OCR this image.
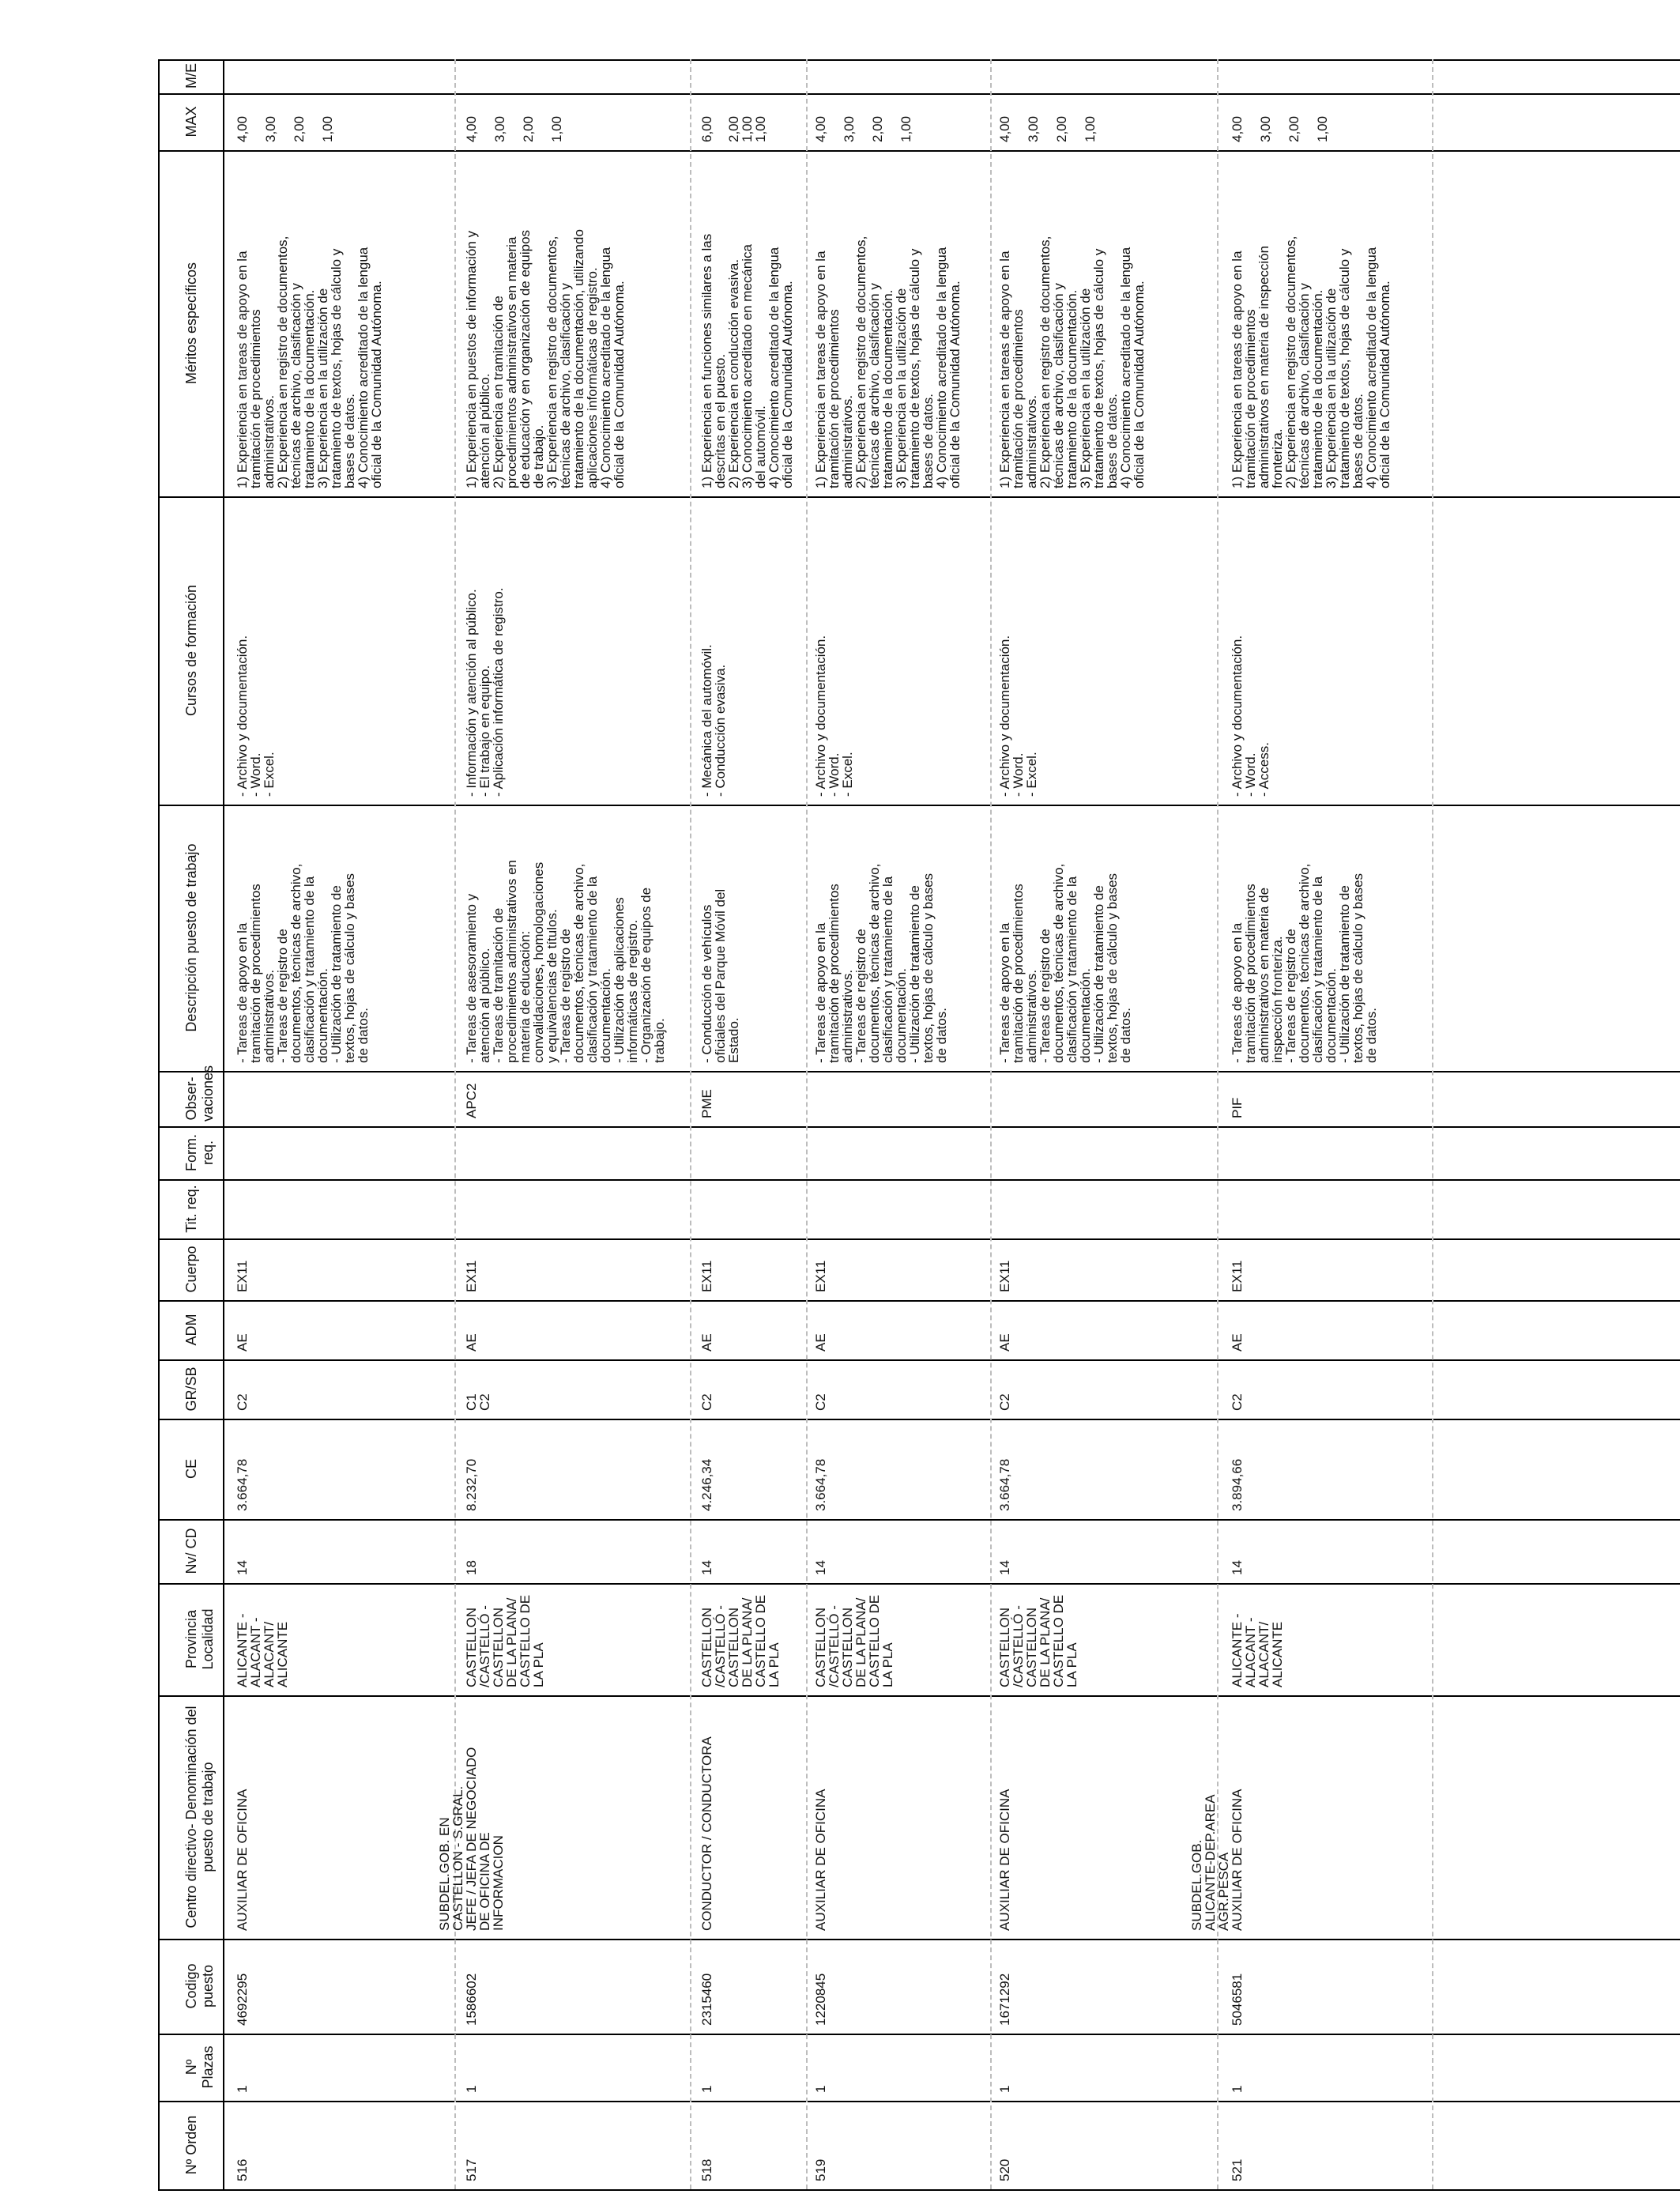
M/E
MAX
Méritos específicos
Cursos de formación
Descripción puesto de trabajo
Obser- vaciones
Form. req.
Tit. req.
Cuerpo
ADM
GR/SB
CE
Nv/ CD
Provincia Localidad
Centro directivo- Denominación del puesto de trabajo
Codigo puesto
Nº Plazas
Nº Orden	516
1
4692295
ALICANTE -
ALACANT -
ALACANT/
ALICANTE
14
3.664,78
C2
AE
EX11
- Tareas de apoyo en la
tramitación de procedimientos
administrativos.
- Tareas de registro de
documentos, técnicas de archivo,
clasificación y tratamiento de la
documentación.
- Utilización de tratamiento de
textos, hojas de cálculo y bases
de datos.
- Archivo y documentación.
- Word.
- Excel.
1) Experiencia en tareas de apoyo en la
tramitación de procedimientos
administrativos.
2) Experiencia en registro de documentos,
técnicas de archivo, clasificación y
tratamiento de la documentación.
3) Experiencia en la utilización de
tratamiento de textos, hojas de cálculo y
bases de datos.
4) Conocimiento acreditado de la lengua
oficial de la Comunidad Autónoma.
AUXILIAR DE OFICINA
4,00 3,00 2,00 1,00
517
1
1586602
CASTELLON
/CASTELLÓ -
CASTELLON
DE LA PLANA/
CASTELLO DE
LA PLA
18
8.232,70
C1
C2
AE
EX11
APC2
- Tareas de asesoramiento y
atención al público.
- Tareas de tramitación de
procedimientos administrativos en
materia de educación:
convalidaciones, homologaciones
y equivalencias de títulos.
- Tareas de registro de
documentos, técnicas de archivo,
clasificación y tratamiento de la
documentación.
- Utilización de aplicaciones
informáticas de registro.
- Organización de equipos de
trabajo.
- Información y atención al público.
- El trabajo en equipo.
- Aplicación informática de registro.
1) Experiencia en puestos de información y
atención al público.
2) Experiencia en tramitación de
procedimientos administrativos en materia
de educación y en organización de equipos
de trabajo.
3) Experiencia en registro de documentos,
técnicas de archivo, clasificación y
tratamiento de la documentación, utilizando
aplicaciones informáticas de registro.
4) Conocimiento acreditado de la lengua
oficial de la Comunidad Autónoma.
SUBDEL.GOB. EN
CASTELLON - S.GRAL.
JEFE / JEFA DE NEGOCIADO
DE OFICINA DE
INFORMACION
4,00 3,00 2,00 1,00
518
1
2315460
CASTELLON
/CASTELLÓ -
CASTELLON
DE LA PLANA/
CASTELLO DE
LA PLA
14
4.246,34
C2
AE
EX11
PME
- Conducción de vehículos
oficiales del Parque Móvil del
Estado.
- Mecánica del automóvil.
- Conducción evasiva.
1) Experiencia en funciones similares a las
descritas en el puesto.
2) Experiencia en conducción evasiva.
3) Conocimiento acreditado en mecánica
del automóvil.
4) Conocimiento acreditado de la lengua
oficial de la Comunidad Autónoma.
CONDUCTOR / CONDUCTORA
6,00 2,00
1,00
1,00
519
1
1220845
CASTELLON
/CASTELLÓ -
CASTELLON
DE LA PLANA/
CASTELLO DE
LA PLA
14
3.664,78
C2
AE
EX11
- Tareas de apoyo en la
tramitación de procedimientos
administrativos.
- Tareas de registro de
documentos, técnicas de archivo,
clasificación y tratamiento de la
documentación.
- Utilización de tratamiento de
textos, hojas de cálculo y bases
de datos.
- Archivo y documentación.
- Word.
- Excel.
1) Experiencia en tareas de apoyo en la
tramitación de procedimientos
administrativos.
2) Experiencia en registro de documentos,
técnicas de archivo, clasificación y
tratamiento de la documentación.
3) Experiencia en la utilización de
tratamiento de textos, hojas de cálculo y
bases de datos.
4) Conocimiento acreditado de la lengua
oficial de la Comunidad Autónoma.
AUXILIAR DE OFICINA
4,00 3,00 2,00 1,00
520
1
1671292
CASTELLON
/CASTELLÓ -
CASTELLON
DE LA PLANA/
CASTELLO DE
LA PLA
14
3.664,78
C2
AE
EX11
- Tareas de apoyo en la
tramitación de procedimientos
administrativos.
- Tareas de registro de
documentos, técnicas de archivo,
clasificación y tratamiento de la
documentación.
- Utilización de tratamiento de
textos, hojas de cálculo y bases
de datos.
- Archivo y documentación.
- Word.
- Excel.
1) Experiencia en tareas de apoyo en la
tramitación de procedimientos
administrativos.
2) Experiencia en registro de documentos,
técnicas de archivo, clasificación y
tratamiento de la documentación.
3) Experiencia en la utilización de
tratamiento de textos, hojas de cálculo y
bases de datos.
4) Conocimiento acreditado de la lengua
oficial de la Comunidad Autónoma.
AUXILIAR DE OFICINA
4,00 3,00 2,00 1,00
521
1
5046581
ALICANTE -
ALACANT -
ALACANT/
ALICANTE
14
3.894,66
C2
AE
EX11
PIF
- Tareas de apoyo en la
tramitación de procedimientos
administrativos en materia de
inspección fronteriza.
- Tareas de registro de
documentos, técnicas de archivo,
clasificación y tratamiento de la
documentación.
- Utilización de tratamiento de
textos, hojas de cálculo y bases
de datos.
- Archivo y documentación.
- Word.
- Access.
1) Experiencia en tareas de apoyo en la
tramitación de procedimientos
administrativos en materia de inspección
fronteriza.
2) Experiencia en registro de documentos,
técnicas de archivo, clasificación y
tratamiento de la documentación.
3) Experiencia en la utilización de
tratamiento de textos, hojas de cálculo y
bases de datos.
4) Conocimiento acreditado de la lengua
oficial de la Comunidad Autónoma.
SUBDEL.GOB.
ALICANTE-DEP.AREA
AGR.PESCA
AUXILIAR DE OFICINA
4,00 3,00 2,00 1,00
